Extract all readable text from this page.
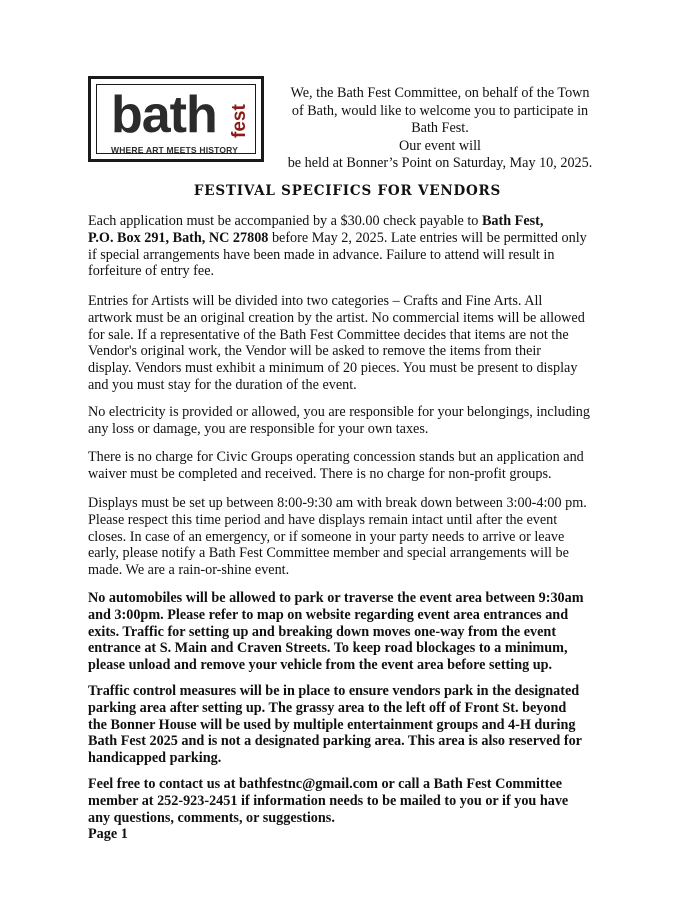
bath fest
WHERE ART MEETS HISTORY
We, the Bath Fest Committee, on behalf of the Town
of Bath, would like to welcome you to participate in
Bath Fest.
Our event will
be held at Bonner’s Point on Saturday, May 10, 2025.
FESTIVAL SPECIFICS FOR VENDORS
Each application must be accompanied by a $30.00 check payable to Bath Fest,
P.O. Box 291, Bath, NC 27808 before May 2, 2025. Late entries will be permitted only
if special arrangements have been made in advance. Failure to attend will result in
forfeiture of entry fee.
Entries for Artists will be divided into two categories – Crafts and Fine Arts. All
artwork must be an original creation by the artist. No commercial items will be allowed
for sale. If a representative of the Bath Fest Committee decides that items are not the
Vendor's original work, the Vendor will be asked to remove the items from their
display. Vendors must exhibit a minimum of 20 pieces. You must be present to display
and you must stay for the duration of the event.
No electricity is provided or allowed, you are responsible for your belongings, including
any loss or damage, you are responsible for your own taxes.
There is no charge for Civic Groups operating concession stands but an application and
waiver must be completed and received. There is no charge for non-profit groups.
Displays must be set up between 8:00-9:30 am with break down between 3:00-4:00 pm.
Please respect this time period and have displays remain intact until after the event
closes. In case of an emergency, or if someone in your party needs to arrive or leave
early, please notify a Bath Fest Committee member and special arrangements will be
made. We are a rain-or-shine event.
No automobiles will be allowed to park or traverse the event area between 9:30am
and 3:00pm. Please refer to map on website regarding event area entrances and
exits. Traffic for setting up and breaking down moves one-way from the event
entrance at S. Main and Craven Streets. To keep road blockages to a minimum,
please unload and remove your vehicle from the event area before setting up.
Traffic control measures will be in place to ensure vendors park in the designated
parking area after setting up. The grassy area to the left off of Front St. beyond
the Bonner House will be used by multiple entertainment groups and 4-H during
Bath Fest 2025 and is not a designated parking area. This area is also reserved for
handicapped parking.
Feel free to contact us at bathfestnc@gmail.com or call a Bath Fest Committee
member at 252-923-2451 if information needs to be mailed to you or if you have
any questions, comments, or suggestions.
Page 1
